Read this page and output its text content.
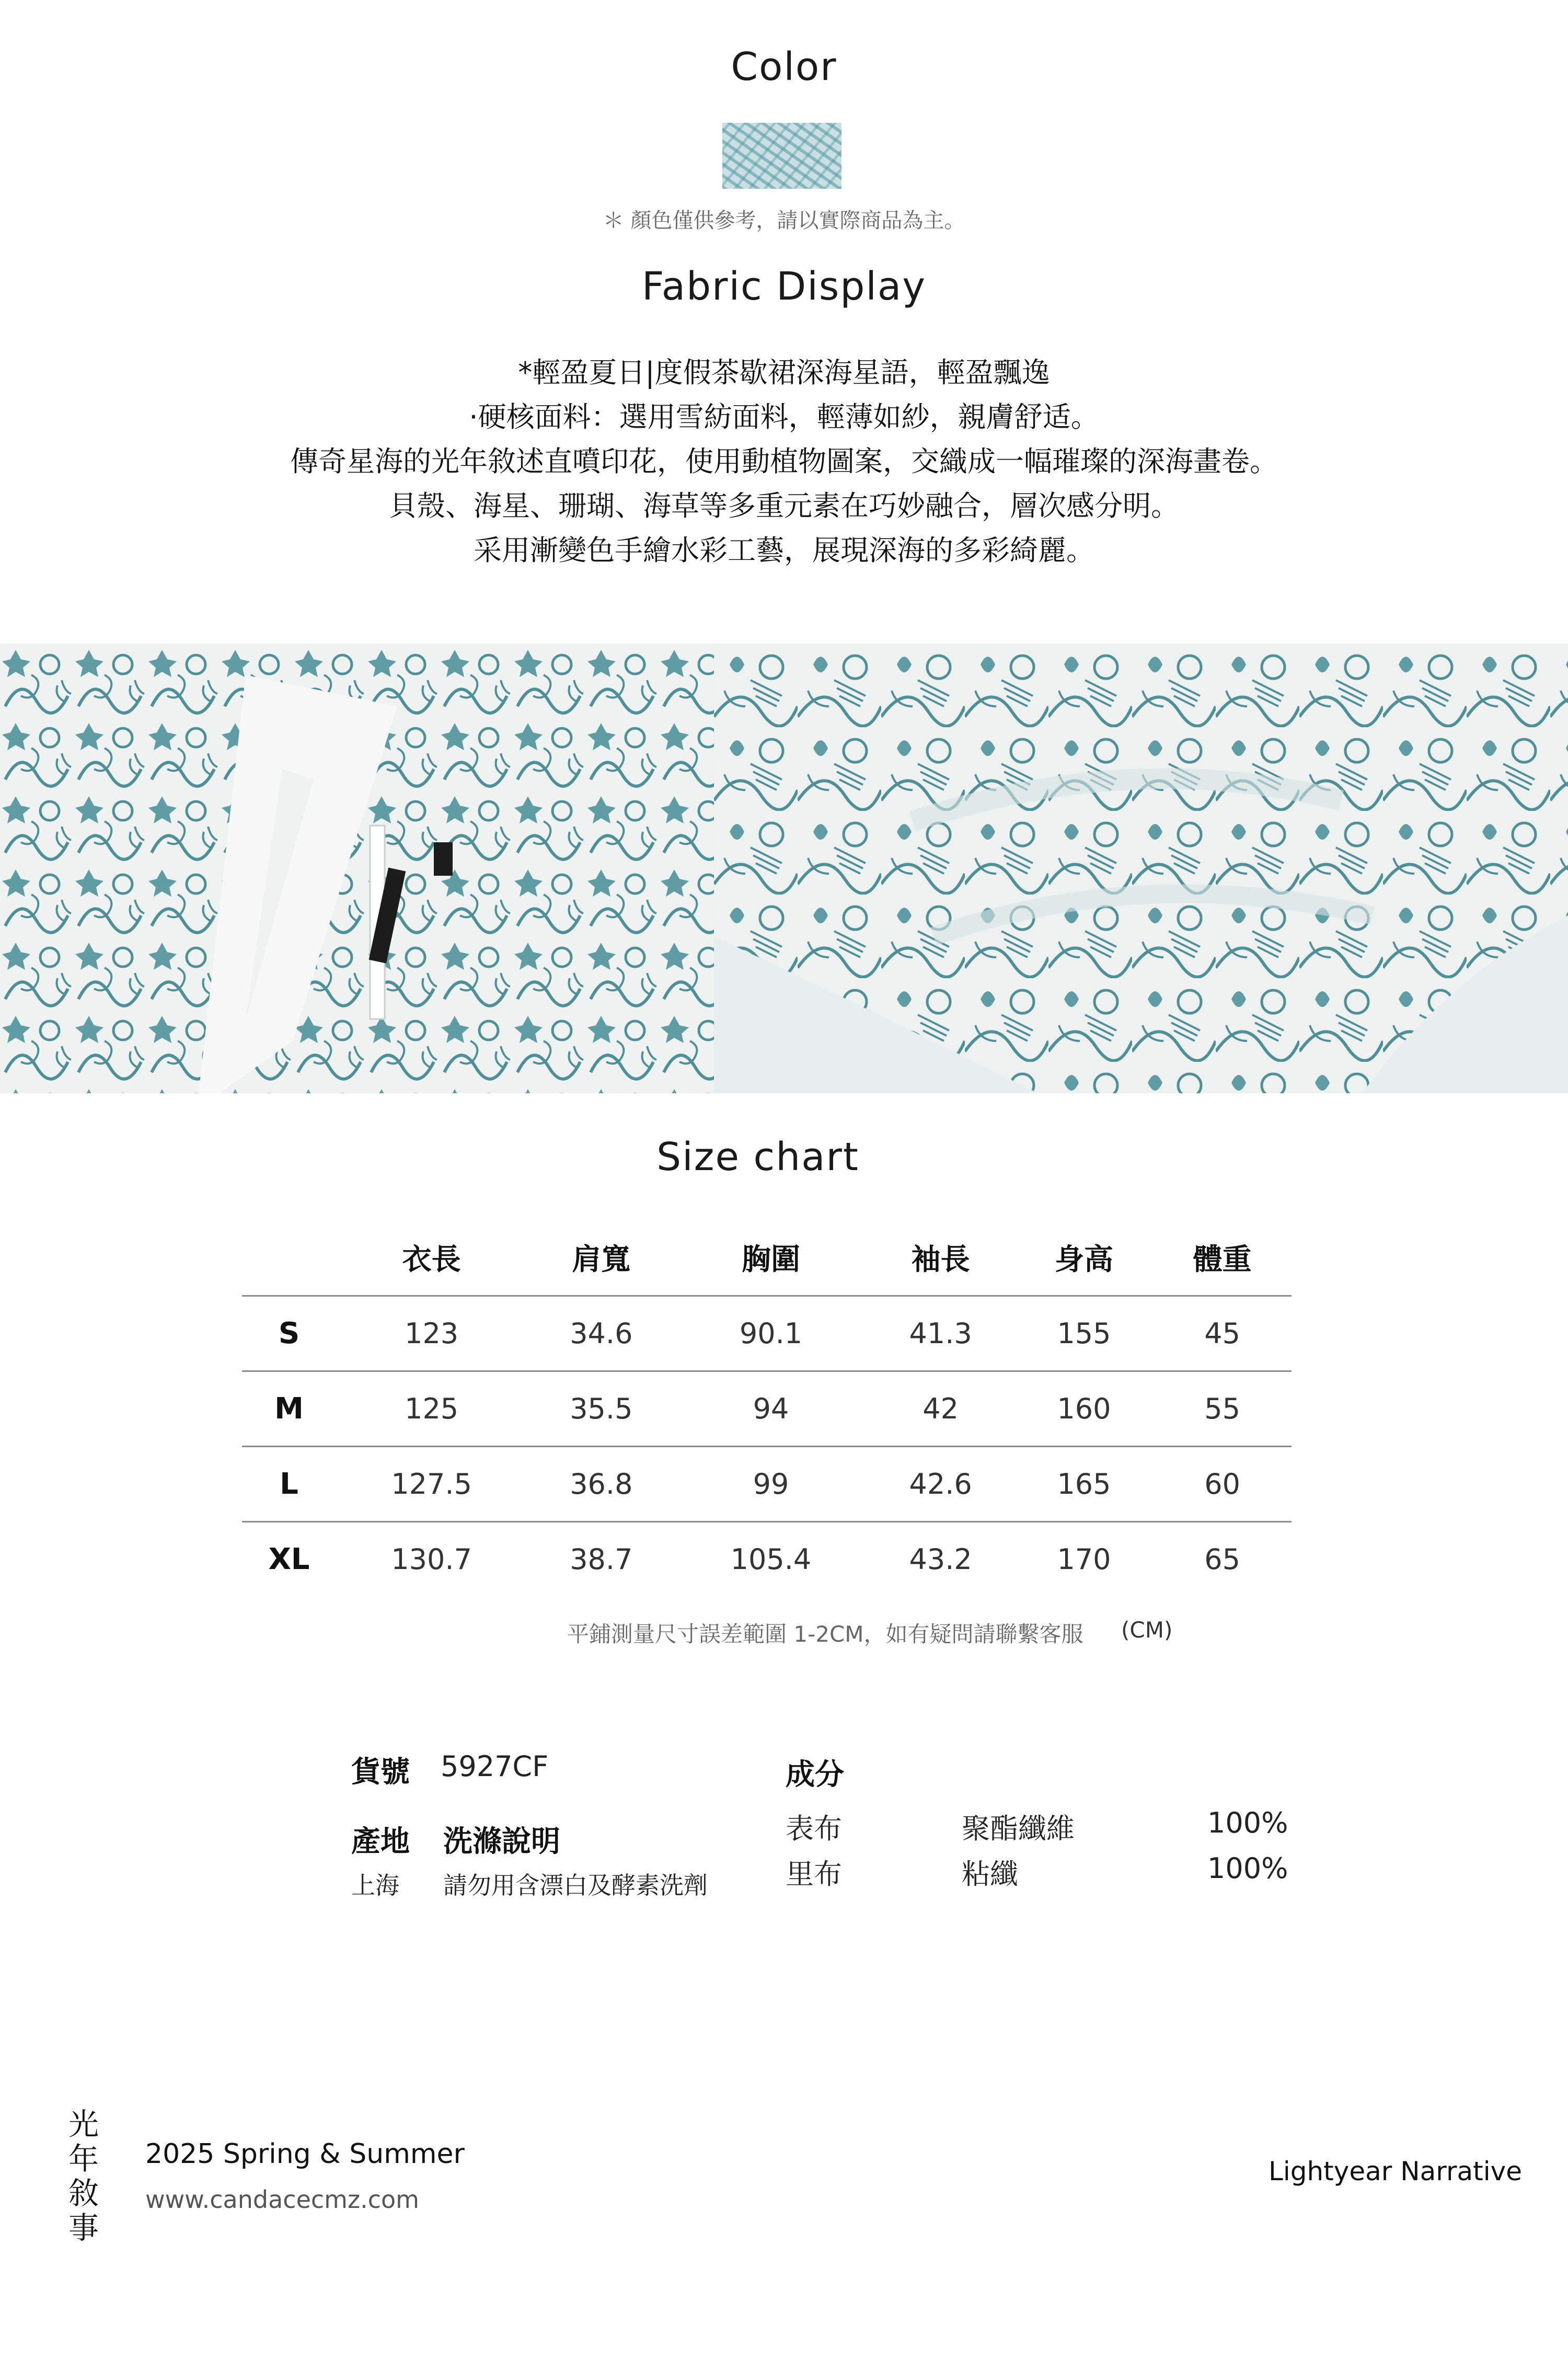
Color
＊ 顏色僅供參考，請以實際商品為主。
Fabric Display
*輕盈夏日|度假茶歇裙深海星語，輕盈飄逸
·硬核面料：選用雪紡面料，輕薄如紗，親膚舒适。
傳奇星海的光年敘述直噴印花，使用動植物圖案，交織成一幅璀璨的深海畫卷。
貝殼、海星、珊瑚、海草等多重元素在巧妙融合，層次感分明。
采用漸變色手繪水彩工藝，展現深海的多彩綺麗。
Size chart
	衣長	肩寬	胸圍	袖長	身高	體重
S	123	34.6	90.1	41.3	155	45
M	125	35.5	94	42	160	55
L	127.5	36.8	99	42.6	165	60
XL	130.7	38.7	105.4	43.2	170	65
平鋪測量尺寸誤差範圍 1-2CM，如有疑問請聯繫客服 (CM)
貨號 5927CF
產地 洗滌說明
上海 請勿用含漂白及酵素洗劑
成分
表布	聚酯纖維	100%
里布	粘纖	100%
光
年
敘
事
2025 Spring & Summer
www.candacecmz.com
Lightyear Narrative
